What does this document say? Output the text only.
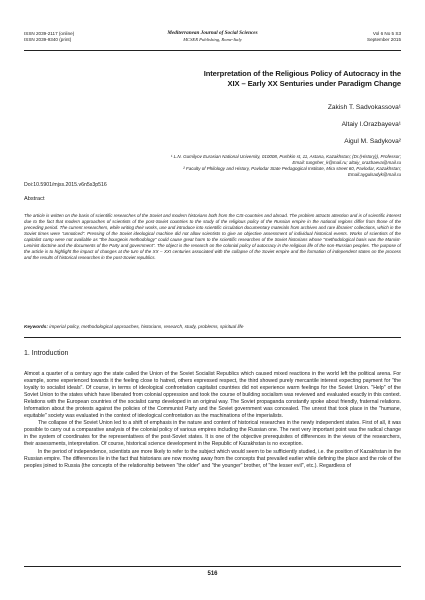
ISSN 2039-2117 (online)
ISSN 2039-9340 (print)
Mediterranean Journal of Social Sciences
MCSER Publishing, Rome-Italy
Vol 6 No 5 S3
September 2015
Interpretation of the Religious Policy of Autocracy in the
XIX – Early XX Senturies under Paradigm Change
Zakish T. Sadvokassova¹
Altaiy I.Orazbayeva¹
Aigul M. Sadykova²
¹ L.N. Gumilyov Eurasian National University, 010008, Pushkin st, 11, Astana, Kazakhstan; (Dr.(History)), Professor;
Email: tungsher_k@mail.ru; altaiy_orazbaeva@mail.ru
² Faculty of Philology and History, Pavlodar State Pedagogical Institute, Mira street 60, Pavlodar, Kazakhstan;
Email:aygulsadyk@mail.ru
Doi:10.5901/mjss.2015.v6n5s3p516
Abstract
The article is written on the basis of scientific researches of the Soviet and modern historians both from the CIS-countries and abroad. The problem attracts attention and is of scientific interest due to the fact that modern approaches of scientists of the post-Soviet countries to the study of the religious policy of the Russian empire in the national regions differ from those of the preceding period. The current researchers, while writing their works, use and introduce into scientific circulation documentary materials from archives and rare libraries' collections, which in the Soviet times were "unnoticed". Pressing of the Soviet ideological machine did not allow scientists to give an objective assessment of individual historical events. Works of scientists of the capitalist camp were not available as "the bourgeois methodology" could cause great harm to the scientific researches of the Soviet historians whose "methodological basis was the Marxist-Leninist doctrine and the documents of the Party and government". The object is the research on the colonial policy of autocracy in the religious life of the non-Russian peoples. The purpose of the article is to highlight the impact of changes at the turn of the XX – XXI centuries associated with the collapse of the Soviet empire and the formation of independent states on the process and the results of historical researches in the post-Soviet republics.
Keywords: imperial policy, methodological approaches, historians, research, study, problems, spiritual life
1. Introduction

Almost a quarter of a century ago the state called the Union of the Soviet Socialist Republics which caused mixed reactions in the world left the political arena. For example, some experienced towards it the feeling close to hatred, others expressed respect, the third showed purely mercantile interest expecting payment for "the loyalty to socialist ideals". Of course, in terms of ideological confrontation capitalist countries did not experience warm feelings for the Soviet Union. "Help" of the Soviet Union to the states which have liberated from colonial oppression and took the course of building socialism was reviewed and evaluated exactly in this context. Relations with the European countries of the socialist camp developed in an original way. The Soviet propaganda constantly spoke about friendly, fraternal relations. Information about the protests against the policies of the Communist Party and the Soviet government was concealed. The unrest that took place in the "humane, equitable" society was evaluated in the context of ideological confrontation as the machinations of the imperialists.

The collapse of the Soviet Union led to a shift of emphasis in the nature and content of historical researches in the newly independent states. First of all, it was possible to carry out a comparative analysis of the colonial policy of various empires including the Russian one. The next very important point was the radical change in the system of coordinates for the representatives of the post-Soviet states. It is one of the objective prerequisites of differences in the views of the researchers, their assessments, interpretation. Of course, historical science development in the Republic of Kazakhstan is no exception.

In the period of independence, scientists are more likely to refer to the subject which would seem to be sufficiently studied, i.e. the position of Kazakhstan in the Russian empire. The differences lie in the fact that historians are now moving away from the concepts that prevailed earlier while defining the place and the role of the peoples joined to Russia (the concepts of the relationship between "the older" and "the younger" brother, of "the lesser evil", etc.). Regardless of

516
